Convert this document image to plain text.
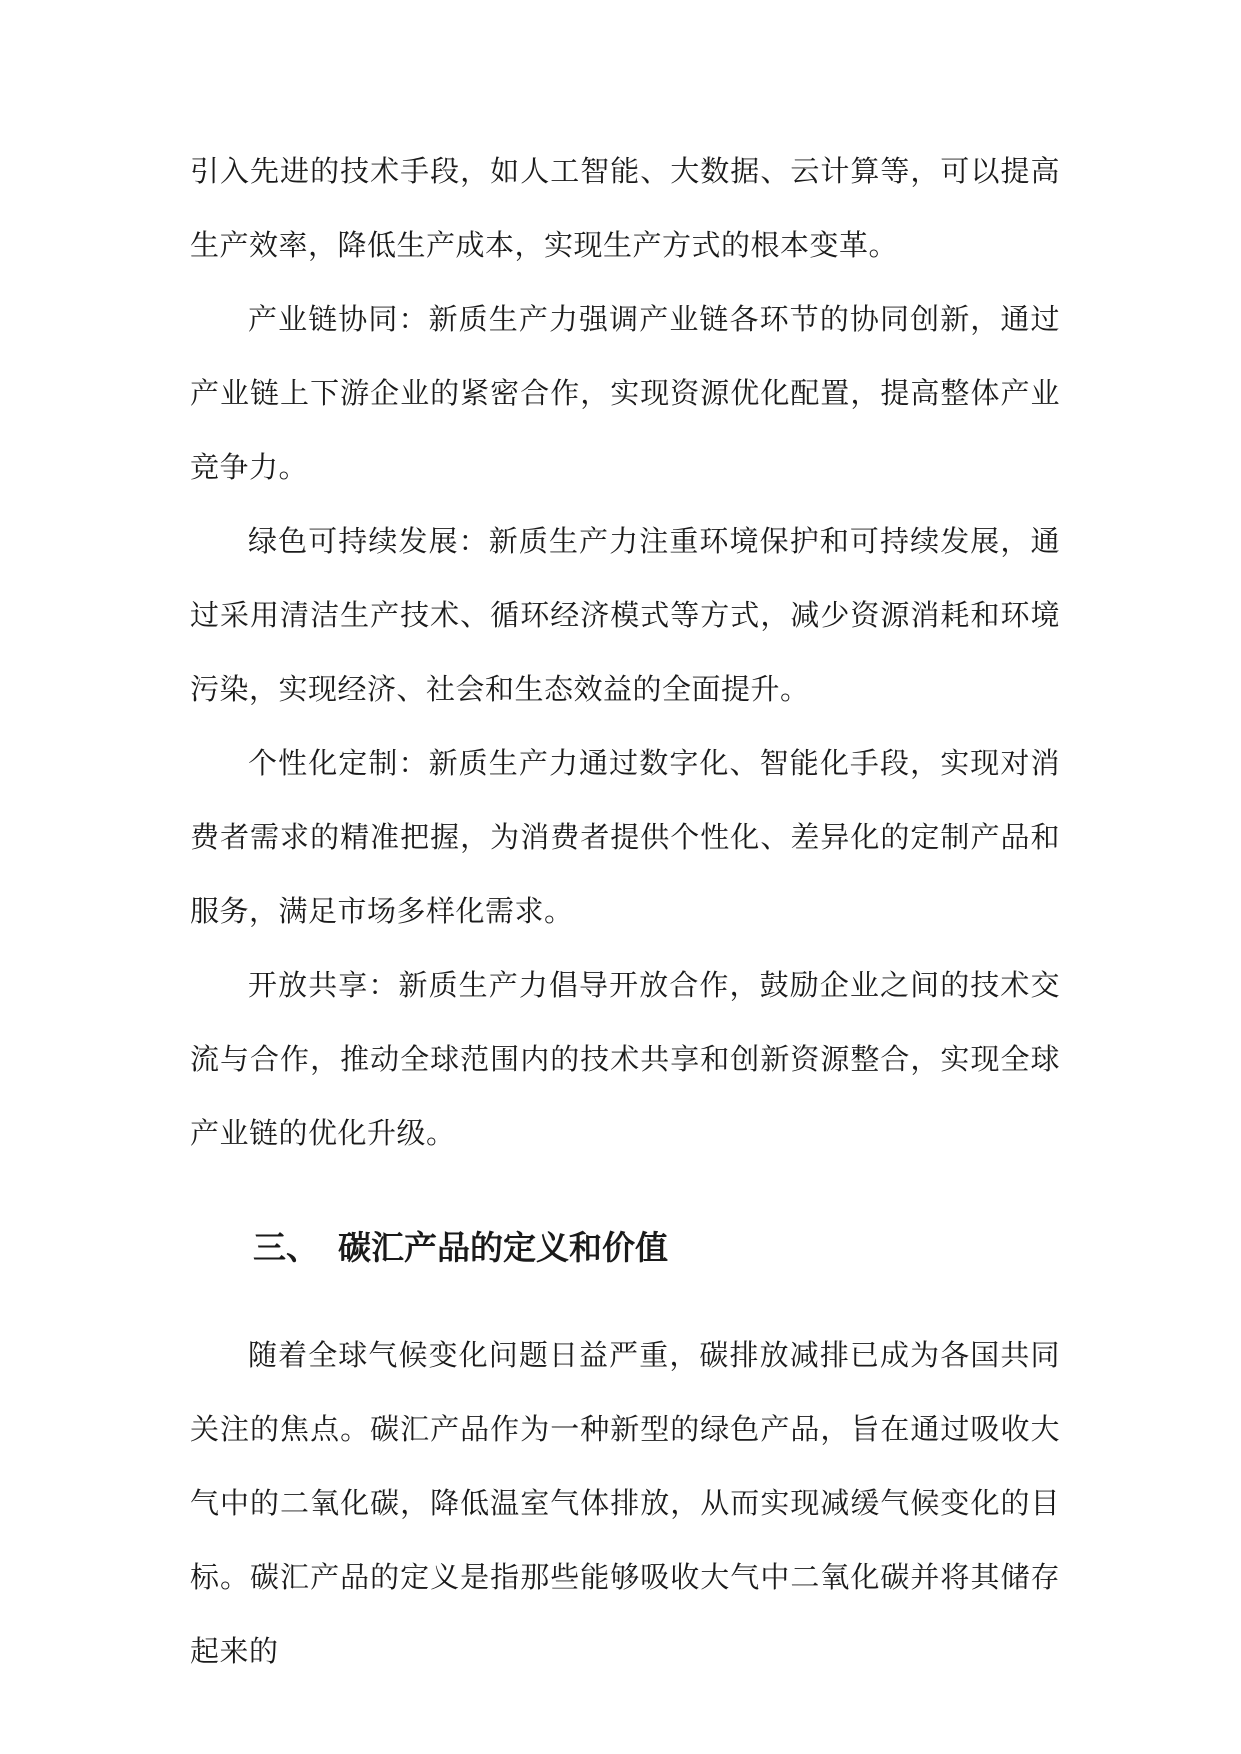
引入先进的技术手段，如人工智能、大数据、云计算等，可以提高生产效率，降低生产成本，实现生产方式的根本变革。

产业链协同：新质生产力强调产业链各环节的协同创新，通过产业链上下游企业的紧密合作，实现资源优化配置，提高整体产业竞争力。

绿色可持续发展：新质生产力注重环境保护和可持续发展，通过采用清洁生产技术、循环经济模式等方式，减少资源消耗和环境污染，实现经济、社会和生态效益的全面提升。

个性化定制：新质生产力通过数字化、智能化手段，实现对消费者需求的精准把握，为消费者提供个性化、差异化的定制产品和服务，满足市场多样化需求。

开放共享：新质生产力倡导开放合作，鼓励企业之间的技术交流与合作，推动全球范围内的技术共享和创新资源整合，实现全球产业链的优化升级。

三、 碳汇产品的定义和价值

随着全球气候变化问题日益严重，碳排放减排已成为各国共同关注的焦点。碳汇产品作为一种新型的绿色产品，旨在通过吸收大气中的二氧化碳，降低温室气体排放，从而实现减缓气候变化的目标。碳汇产品的定义是指那些能够吸收大气中二氧化碳并将其储存起来的
